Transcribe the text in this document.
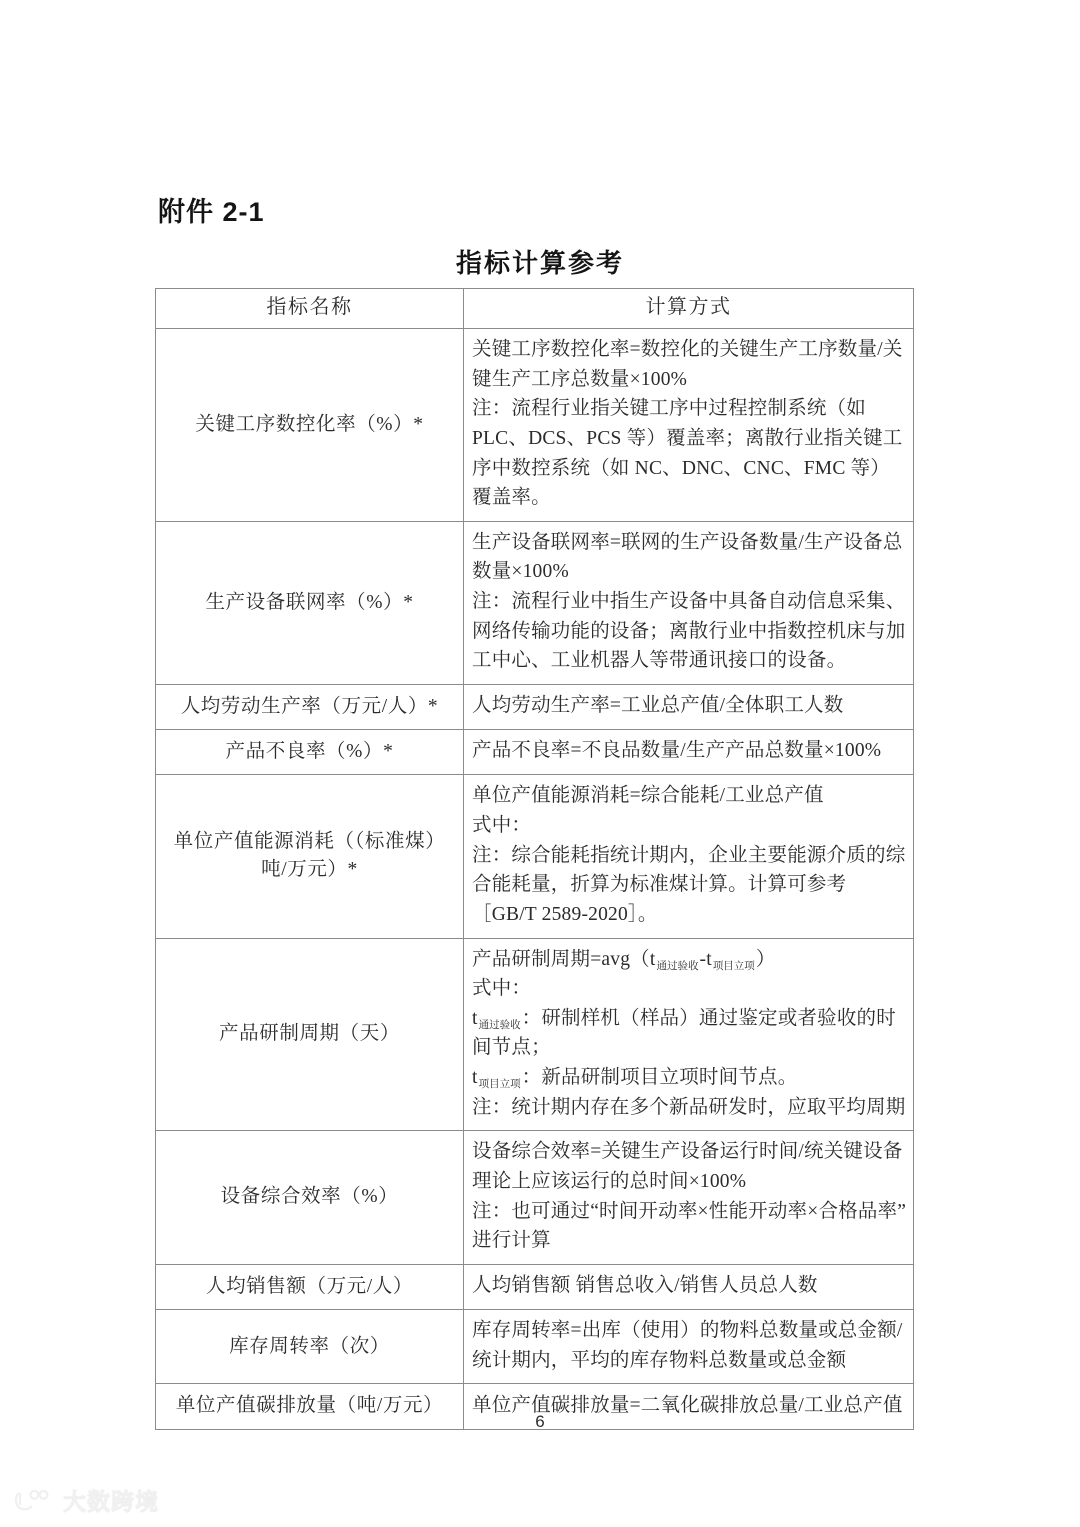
附件 2-1
指标计算参考
指标名称	计算方式
关键工序数控化率（%）*	关键工序数控化率=数控化的关键生产工序数量/关键生产工序总数量×100%
注：流程行业指关键工序中过程控制系统（如 PLC、DCS、PCS 等）覆盖率；离散行业指关键工序中数控系统（如 NC、DNC、CNC、FMC 等）覆盖率。

生产设备联网率（%）*	生产设备联网率=联网的生产设备数量/生产设备总数量×100%
注：流程行业中指生产设备中具备自动信息采集、网络传输功能的设备；离散行业中指数控机床与加工中心、工业机器人等带通讯接口的设备。

人均劳动生产率（万元/人）*	人均劳动生产率=工业总产值/全体职工人数

产品不良率（%）*	产品不良率=不良品数量/生产产品总数量×100%

单位产值能源消耗（（标准煤）吨/万元）*	单位产值能源消耗=综合能耗/工业总产值
式中：
注：综合能耗指统计期内，企业主要能源介质的综合能耗量，折算为标准煤计算。计算可参考［GB/T 2589-2020］。

产品研制周期（天）	产品研制周期$=avg(t_{通过验收}-t_{项目立项})$
式中：
$t_{通过验收}$：研制样机（样品）通过鉴定或者验收的时间节点；
$t_{项目立项}$：新品研制项目立项时间节点。
注：统计期内存在多个新品研发时，应取平均周期

设备综合效率（%）	设备综合效率=关键生产设备运行时间/统关键设备理论上应该运行的总时间×100%
注：也可通过“时间开动率×性能开动率×合格品率”进行计算

人均销售额（万元/人）	人均销售额 销售总收入/销售人员总人数

库存周转率（次）	库存周转率=出库（使用）的物料总数量或总金额/统计期内，平均的库存物料总数量或总金额

单位产值碳排放量（吨/万元）	单位产值碳排放量=二氧化碳排放总量/工业总产值
6
大数跨境
